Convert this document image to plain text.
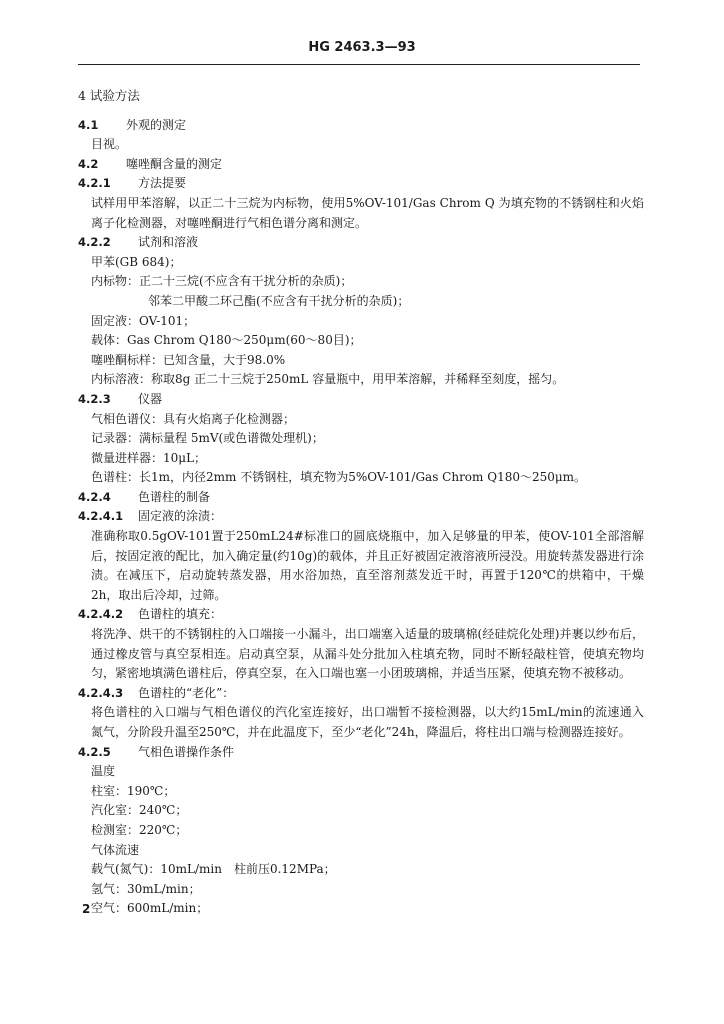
HG 2463.3—93
4 试验方法
4.1 外观的测定
目视。
4.2 噻唑酮含量的测定
4.2.1 方法提要
试样用甲苯溶解，以正二十三烷为内标物，使用5%OV-101/Gas Chrom Q 为填充物的不锈钢柱和火焰离子化检测器，对噻唑酮进行气相色谱分离和测定。
4.2.2 试剂和溶液
甲苯(GB 684)；
内标物：正二十三烷(不应含有干扰分析的杂质)；
邻苯二甲酸二环己酯(不应含有干扰分析的杂质)；
固定液：OV-101；
载体：Gas Chrom Q180～250μm(60～80目)；
噻唑酮标样：已知含量，大于98.0%
内标溶液：称取8g 正二十三烷于250mL 容量瓶中，用甲苯溶解，并稀释至刻度，摇匀。
4.2.3 仪器
气相色谱仪：具有火焰离子化检测器；
记录器：满标量程 5mV(或色谱微处理机)；
微量进样器：10μL；
色谱柱：长1m，内径2mm 不锈钢柱，填充物为5%OV-101/Gas Chrom Q180～250μm。
4.2.4 色谱柱的制备
4.2.4.1 固定液的涂渍：
准确称取0.5gOV-101置于250mL24#标准口的圆底烧瓶中，加入足够量的甲苯，使OV-101全部溶解后，按固定液的配比，加入确定量(约10g)的载体，并且正好被固定液溶液所浸没。用旋转蒸发器进行涂渍。在减压下，启动旋转蒸发器，用水浴加热，直至溶剂蒸发近干时，再置于120℃的烘箱中，干燥2h，取出后冷却，过筛。
4.2.4.2 色谱柱的填充：
将洗净、烘干的不锈钢柱的入口端接一小漏斗，出口端塞入适量的玻璃棉(经硅烷化处理)并裹以纱布后，通过橡皮管与真空泵相连。启动真空泵，从漏斗处分批加入柱填充物，同时不断轻敲柱管，使填充物均匀，紧密地填满色谱柱后，停真空泵，在入口端也塞一小团玻璃棉，并适当压紧，使填充物不被移动。
4.2.4.3 色谱柱的“老化”：
将色谱柱的入口端与气相色谱仪的汽化室连接好，出口端暂不接检测器，以大约15mL/min的流速通入氮气，分阶段升温至250℃，并在此温度下，至少“老化”24h，降温后，将柱出口端与检测器连接好。
4.2.5 气相色谱操作条件
温度
柱室：190℃；
汽化室：240℃；
检测室：220℃；
气体流速
载气(氮气)：10mL/min　柱前压0.12MPa；
氢气：30mL/min；
空气：600mL/min；
2
